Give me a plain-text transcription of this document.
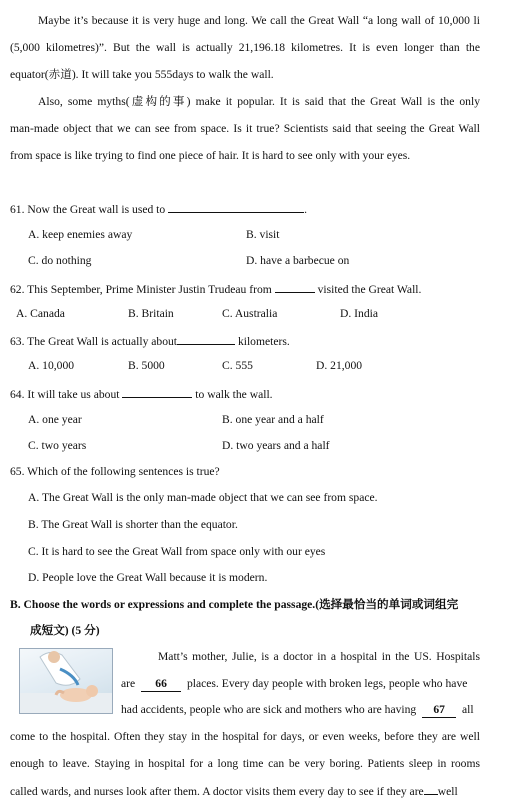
Maybe it’s because it is very huge and long. We call the Great Wall “a long wall of 10,000 li
(5,000 kilometres)”. But the wall is actually 21,196.18 kilometres. It is even longer than the
equator(赤道). It will take you 555days to walk the wall.
Also, some myths(虚构的事) make it popular. It is said that the Great Wall is the only
man-made object that we can see from space. Is it true? Scientists said that seeing the Great Wall
from space is like trying to find one piece of hair. It is hard to see only with your eyes.
61. Now the Great wall is used to	.
A. keep enemies away	B. visit
C. do nothing	D. have a barbecue on
62. This September, Prime Minister Justin Trudeau from	visited the Great Wall.
A. Canada	B. Britain	C. Australia	D. India
63. The Great Wall is actually about	kilometers.
A. 10,000	B. 5000	C. 555	D. 21,000
64. It will take us about	to walk the wall.
A. one year	B. one year and a half
C. two years	D. two years and a half
65. Which of the following sentences is true?
A. The Great Wall is the only man-made object that we can see from space.
B. The Great Wall is shorter than the equator.
C. It is hard to see the Great Wall from space only with our eyes
D. People love the Great Wall because it is modern.
B. Choose the words or expressions and complete the passage.(选择最恰当的单词或词组完
成短文) (5 分)
Matt’s mother, Julie, is a doctor in a hospital in the US. Hospitals
are 66 places. Every day people with broken legs, people who have
had accidents, people who are sick and mothers who are having 67 all
come to the hospital. Often they stay in the hospital for days, or even weeks, before they are well
enough to leave. Staying in hospital for a long time can be very boring. Patients sleep in rooms
called wards, and nurses look after them. A doctor visits them every day to see if they are well
